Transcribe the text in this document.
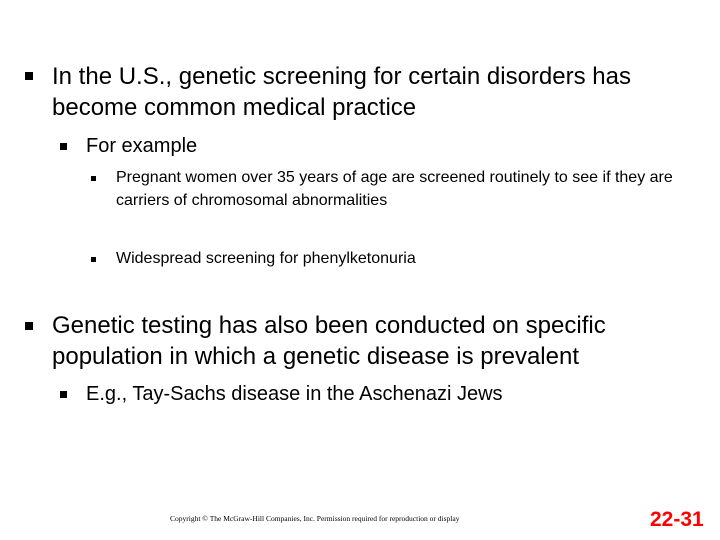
In the U.S., genetic screening for certain disorders has become common medical practice

For example

Pregnant women over 35 years of age are screened routinely to see if they are carriers of chromosomal abnormalities

Widespread screening for phenylketonuria

Genetic testing has also been conducted on specific population in which a genetic disease is prevalent

E.g., Tay-Sachs disease in the Aschenazi Jews

Copyright © The McGraw-Hill Companies, Inc. Permission required for reproduction or display	22-31
